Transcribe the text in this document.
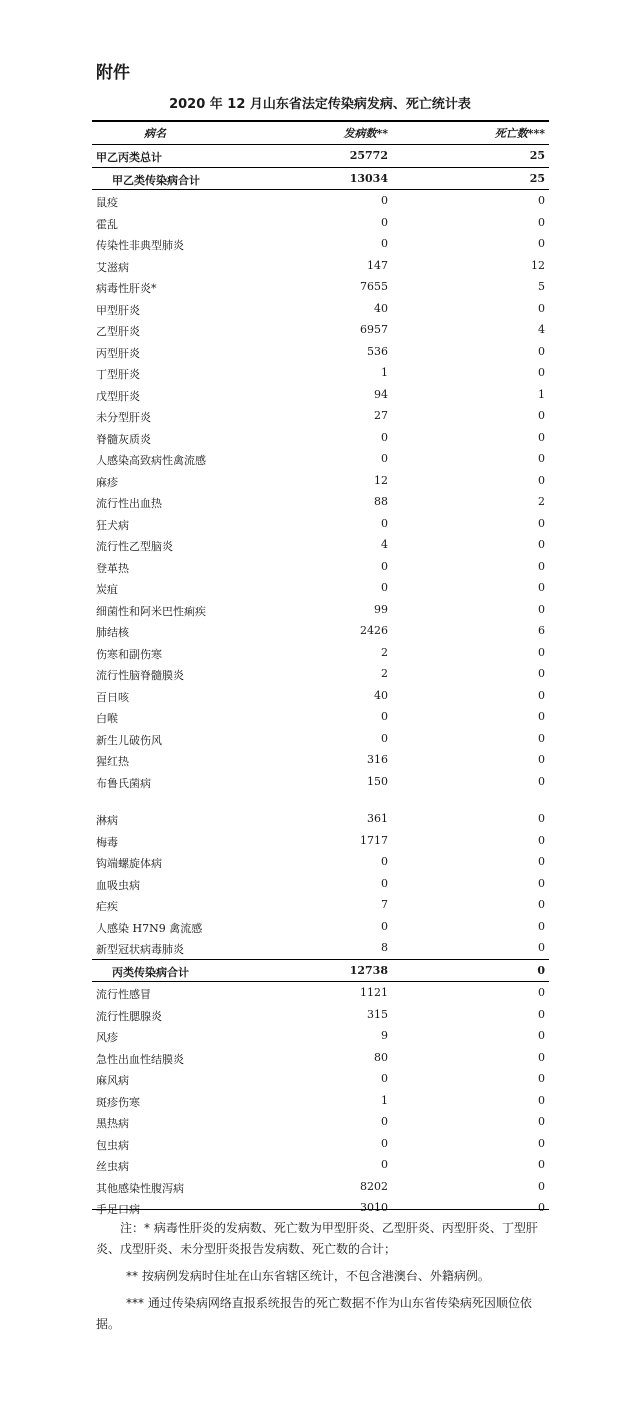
附件
2020 年 12 月山东省法定传染病发病、死亡统计表
病名	发病数**	死亡数***
甲乙丙类总计	25772	25
甲乙类传染病合计	13034	25
鼠疫	0	0
霍乱	0	0
传染性非典型肺炎	0	0
艾滋病	147	12
病毒性肝炎*	7655	5
甲型肝炎	40	0
乙型肝炎	6957	4
丙型肝炎	536	0
丁型肝炎	1	0
戊型肝炎	94	1
未分型肝炎	27	0
脊髓灰质炎	0	0
人感染高致病性禽流感	0	0
麻疹	12	0
流行性出血热	88	2
狂犬病	0	0
流行性乙型脑炎	4	0
登革热	0	0
炭疽	0	0
细菌性和阿米巴性痢疾	99	0
肺结核	2426	6
伤寒和副伤寒	2	0
流行性脑脊髓膜炎	2	0
百日咳	40	0
白喉	0	0
新生儿破伤风	0	0
猩红热	316	0
布鲁氏菌病	150	0
淋病	361	0
梅毒	1717	0
钩端螺旋体病	0	0
血吸虫病	0	0
疟疾	7	0
人感染 H7N9 禽流感	0	0
新型冠状病毒肺炎	8	0
丙类传染病合计	12738	0
流行性感冒	1121	0
流行性腮腺炎	315	0
风疹	9	0
急性出血性结膜炎	80	0
麻风病	0	0
斑疹伤寒	1	0
黑热病	0	0
包虫病	0	0
丝虫病	0	0
其他感染性腹泻病	8202	0
手足口病	3010	0

注：* 病毒性肝炎的发病数、死亡数为甲型肝炎、乙型肝炎、丙型肝炎、丁型肝炎、戊型肝炎、未分型肝炎报告发病数、死亡数的合计；

** 按病例发病时住址在山东省辖区统计，不包含港澳台、外籍病例。

*** 通过传染病网络直报系统报告的死亡数据不作为山东省传染病死因顺位依据。
